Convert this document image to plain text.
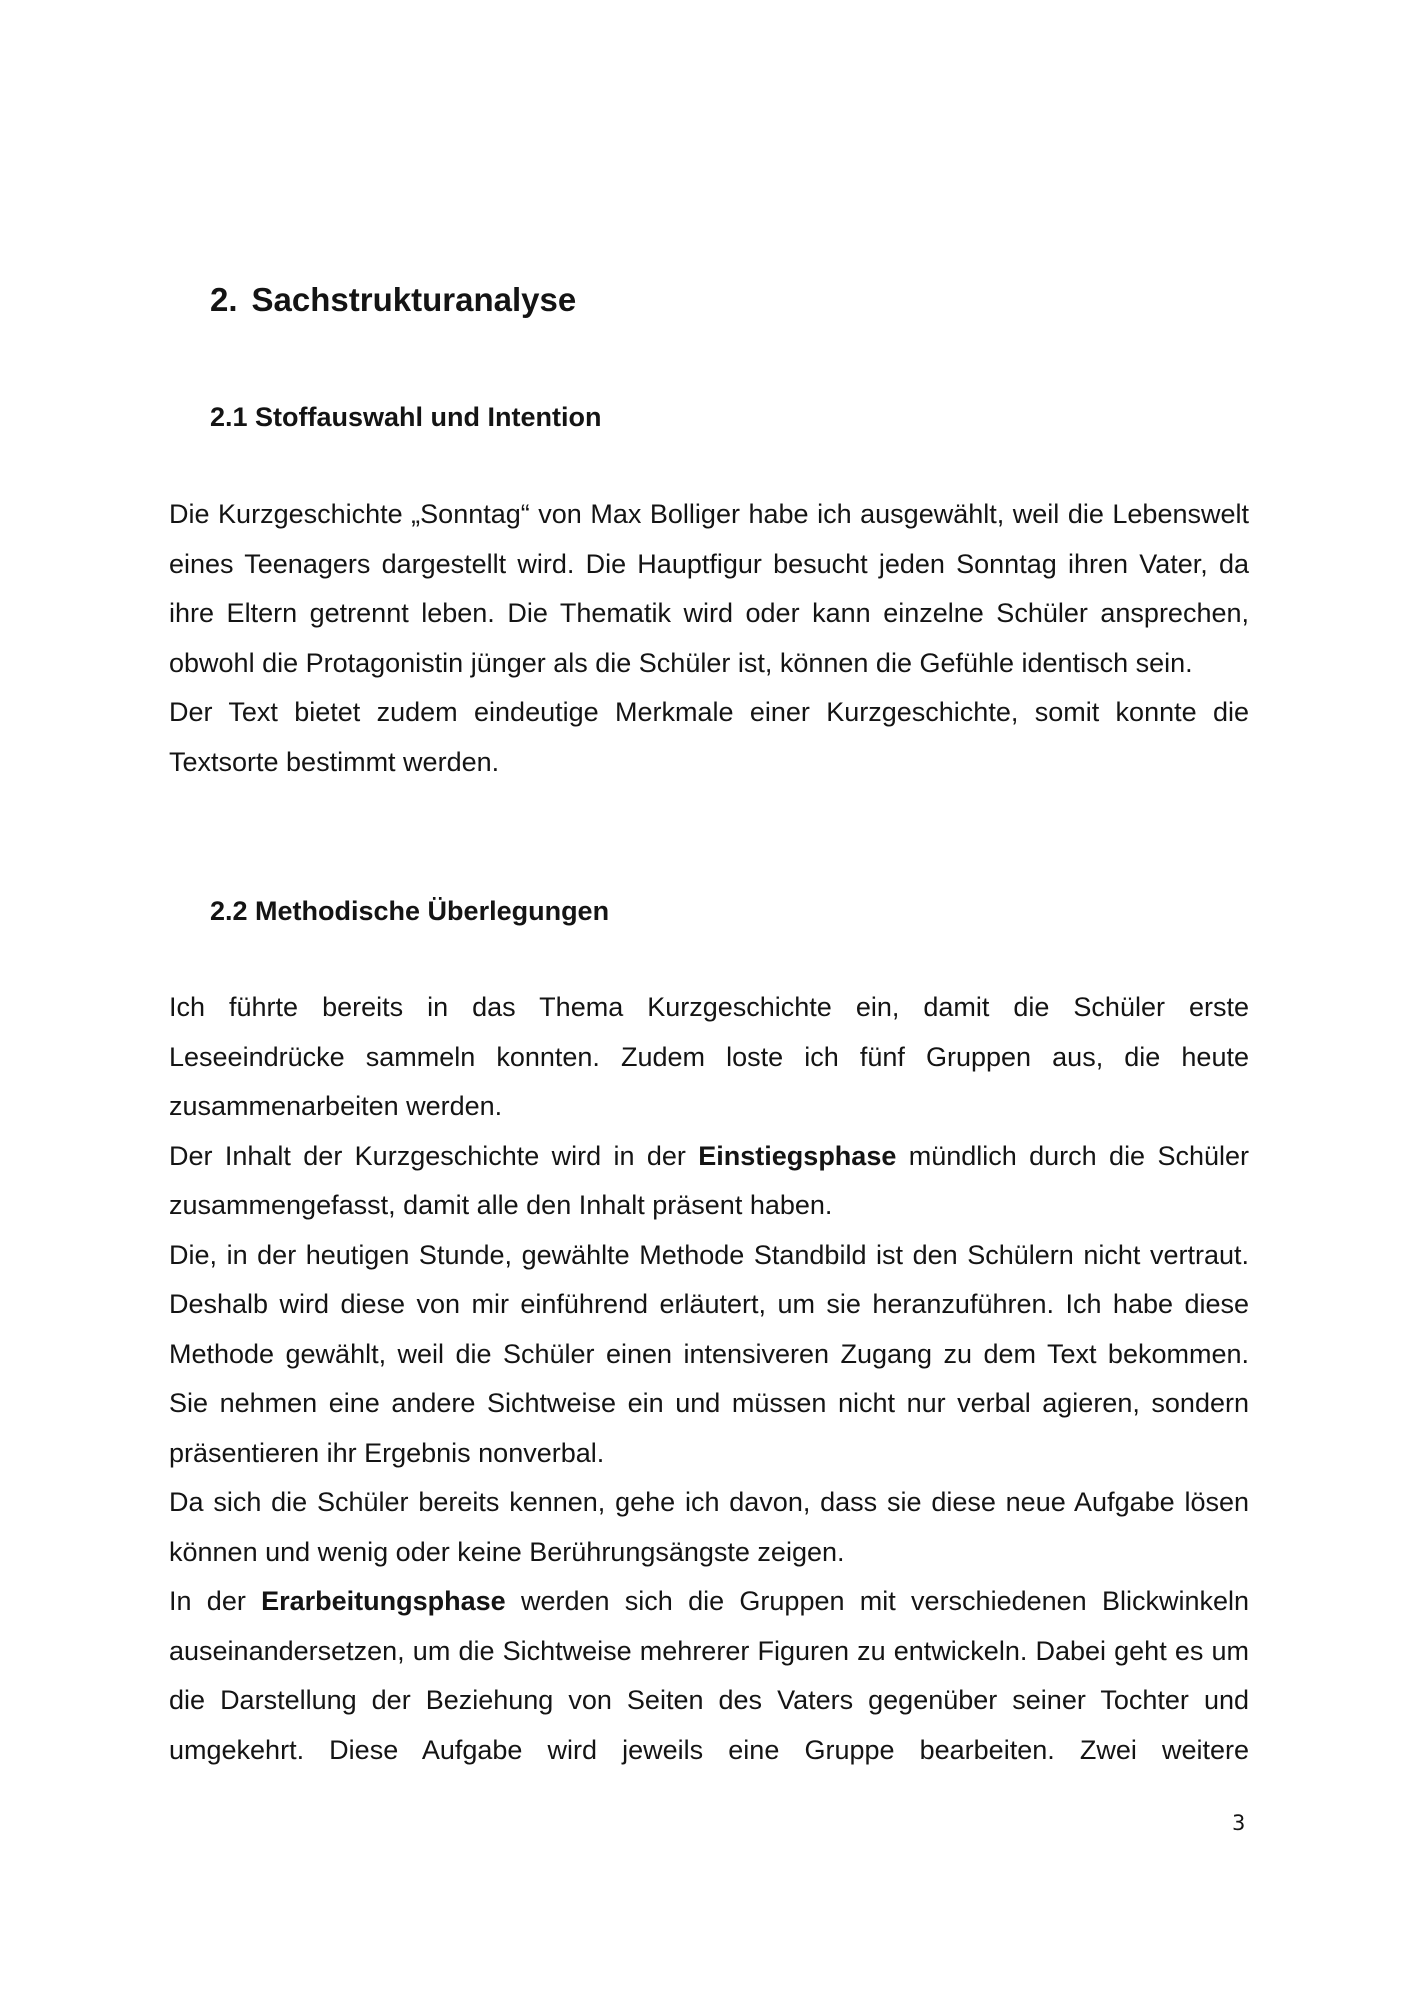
2. Sachstrukturanalyse
2.1 Stoffauswahl und Intention

Die Kurzgeschichte „Sonntag“ von Max Bolliger habe ich ausgewählt, weil die Lebenswelt eines Teenagers dargestellt wird. Die Hauptfigur besucht jeden Sonntag ihren Vater, da ihre Eltern getrennt leben. Die Thematik wird oder kann einzelne Schüler ansprechen, obwohl die Protagonistin jünger als die Schüler ist, können die Gefühle identisch sein.

Der Text bietet zudem eindeutige Merkmale einer Kurzgeschichte, somit konnte die Textsorte bestimmt werden.

2.2 Methodische Überlegungen

Ich führte bereits in das Thema Kurzgeschichte ein, damit die Schüler erste Leseeindrücke sammeln konnten. Zudem loste ich fünf Gruppen aus, die heute zusammenarbeiten werden.

Der Inhalt der Kurzgeschichte wird in der Einstiegsphase mündlich durch die Schüler zusammengefasst, damit alle den Inhalt präsent haben.

Die, in der heutigen Stunde, gewählte Methode Standbild ist den Schülern nicht vertraut. Deshalb wird diese von mir einführend erläutert, um sie heranzuführen. Ich habe diese Methode gewählt, weil die Schüler einen intensiveren Zugang zu dem Text bekommen. Sie nehmen eine andere Sichtweise ein und müssen nicht nur verbal agieren, sondern präsentieren ihr Ergebnis nonverbal.

Da sich die Schüler bereits kennen, gehe ich davon, dass sie diese neue Aufgabe lösen können und wenig oder keine Berührungsängste zeigen.

In der Erarbeitungsphase werden sich die Gruppen mit verschiedenen Blickwinkeln auseinandersetzen, um die Sichtweise mehrerer Figuren zu entwickeln. Dabei geht es um die Darstellung der Beziehung von Seiten des Vaters gegenüber seiner Tochter und umgekehrt. Diese Aufgabe wird jeweils eine Gruppe bearbeiten. Zwei weitere

3
